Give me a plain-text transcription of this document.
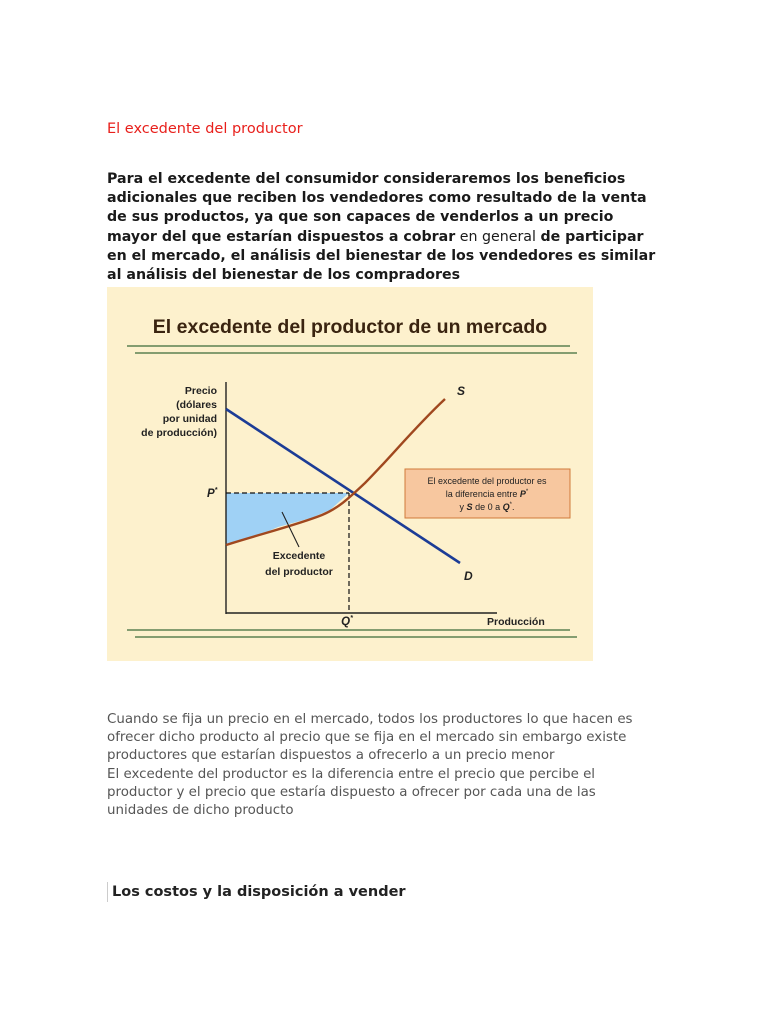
El excedente del productor

Para el excedente del consumidor consideraremos los beneficios adicionales que reciben los vendedores como resultado de la venta de sus productos, ya que son capaces de venderlos a un precio mayor del que estarían dispuestos a cobrar en general de participar en el mercado, el análisis del bienestar de los vendedores es similar al análisis del bienestar de los compradores

El excedente del productor de un mercado
Precio
(dólares
por unidad
de producción)
P*
Q*	Producción
S
D
Excedente
del productor
El excedente del productor es
la diferencia entre P*
y S de 0 a Q*.

Cuando se fija un precio en el mercado, todos los productores lo que hacen es
ofrecer dicho producto al precio que se fija en el mercado sin embargo existe
productores que estarían dispuestos a ofrecerlo a un precio menor
El excedente del productor es la diferencia entre el precio que percibe el
productor y el precio que estaría dispuesto a ofrecer por cada una de las
unidades de dicho producto

Los costos y la disposición a vender
